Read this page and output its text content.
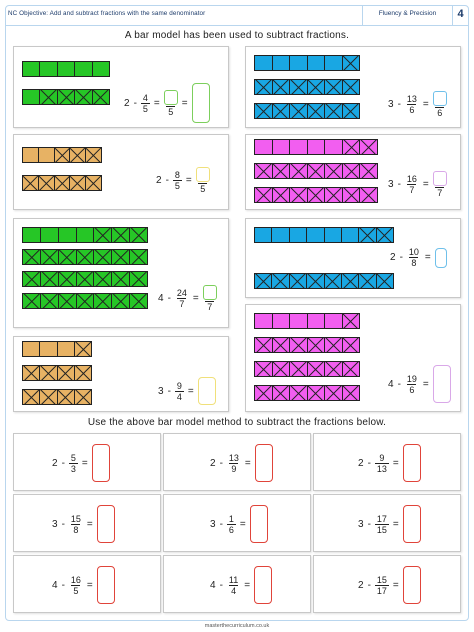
NC Objective: Add and subtract fractions with the same denominator	Fluency & Precision	4
A bar model has been used to subtract fractions.
$2 - \frac{4}{5}$ =
5
=
$2 - \frac{8}{5}$ =
5
$4 - \frac{24}{7}$ =
7
$3 - \frac{9}{4}$ =
$3 - \frac{13}{6}$ =
6
$3 - \frac{16}{7}$ =
7
$2 - \frac{10}{8}$ =
$4 - \frac{19}{6}$ =
Use the above bar model method to subtract the fractions below.
$2 - \frac{5}{3}$ =	$2 - \frac{13}{9}$ =	$2 - \frac{9}{13}$ =
$3 - \frac{15}{8}$ =	$3 - \frac{1}{6}$ =	$3 - \frac{17}{15}$ =
$4 - \frac{16}{5}$ =	$4 - \frac{11}{4}$ =	$2 - \frac{15}{17}$ =
masterthecurriculum.co.uk
